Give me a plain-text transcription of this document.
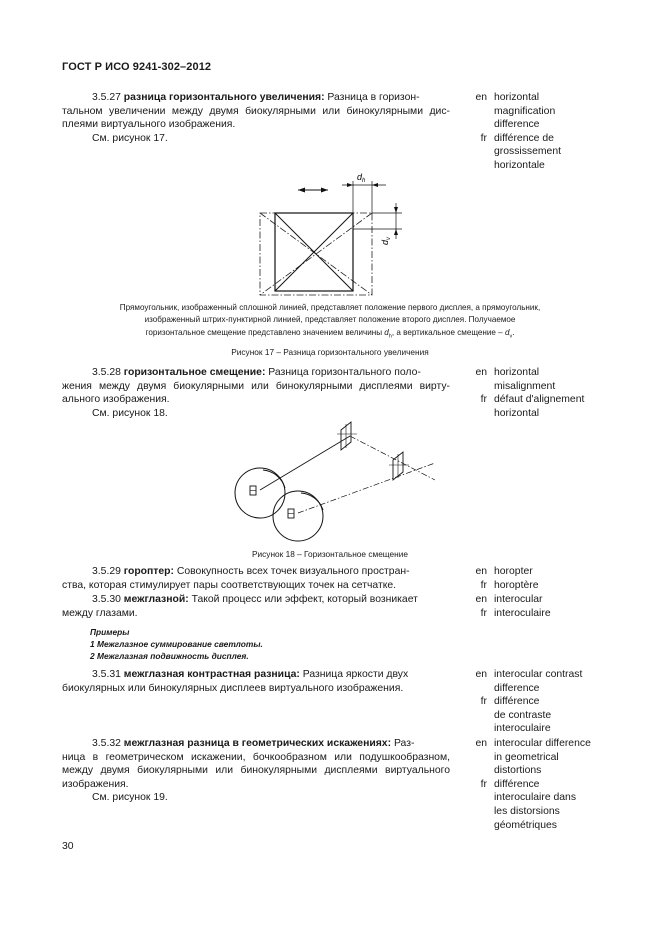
ГОСТ Р ИСО 9241-302–2012
3.5.27 разница горизонтального увеличения: Разница в горизон-
тальном увеличении между двумя биокулярными или бинокулярными дис- плеями виртуального изображения.
См. рисунок 17.
en horizontal
magnification
difference
fr différence de
grossissement
horizontale
$d_h$
$d_v$
Прямоугольник, изображенный сплошной линией, представляет положение первого дисплея, а прямоугольник,
изображенный штрих-пунктирной линией, представляет положение второго дисплея. Получаемое
горизонтальное смещение представлено значением величины $d_h$, а вертикальное смещение – $d_v$.
Рисунок 17 – Разница горизонтального увеличения
3.5.28 горизонтальное смещение: Разница горизонтального поло-
жения между двумя биокулярными или бинокулярными дисплеями вирту- ального изображения.
См. рисунок 18.
en horizontal
misalignment
fr défaut d'alignement
horizontal
Рисунок 18 – Горизонтальное смещение
3.5.29 гороптер: Совокупность всех точек визуального простран-
ства, которая стимулирует пары соответствующих точек на сетчатке.
en horopter
fr horoptère
3.5.30 межглазной: Такой процесс или эффект, который возникает
между глазами.
en interocular
fr interoculaire
Примеры
1 Межглазное суммирование светлоты.
2 Межглазная подвижность дисплея.
3.5.31 межглазная контрастная разница: Разница яркости двух
биокулярных или бинокулярных дисплеев виртуального изображения.
en interocular contrast
difference
fr différence
de contraste
interoculaire
3.5.32 межглазная разница в геометрических искажениях: Раз-
ница в геометрическом искажении, бочкообразном или подушкообразном, между двумя биокулярными или бинокулярными дисплеями виртуального изображения.
См. рисунок 19.
en interocular difference
in geometrical
distortions
fr différence
interoculaire dans
les distorsions
géométriques
30
